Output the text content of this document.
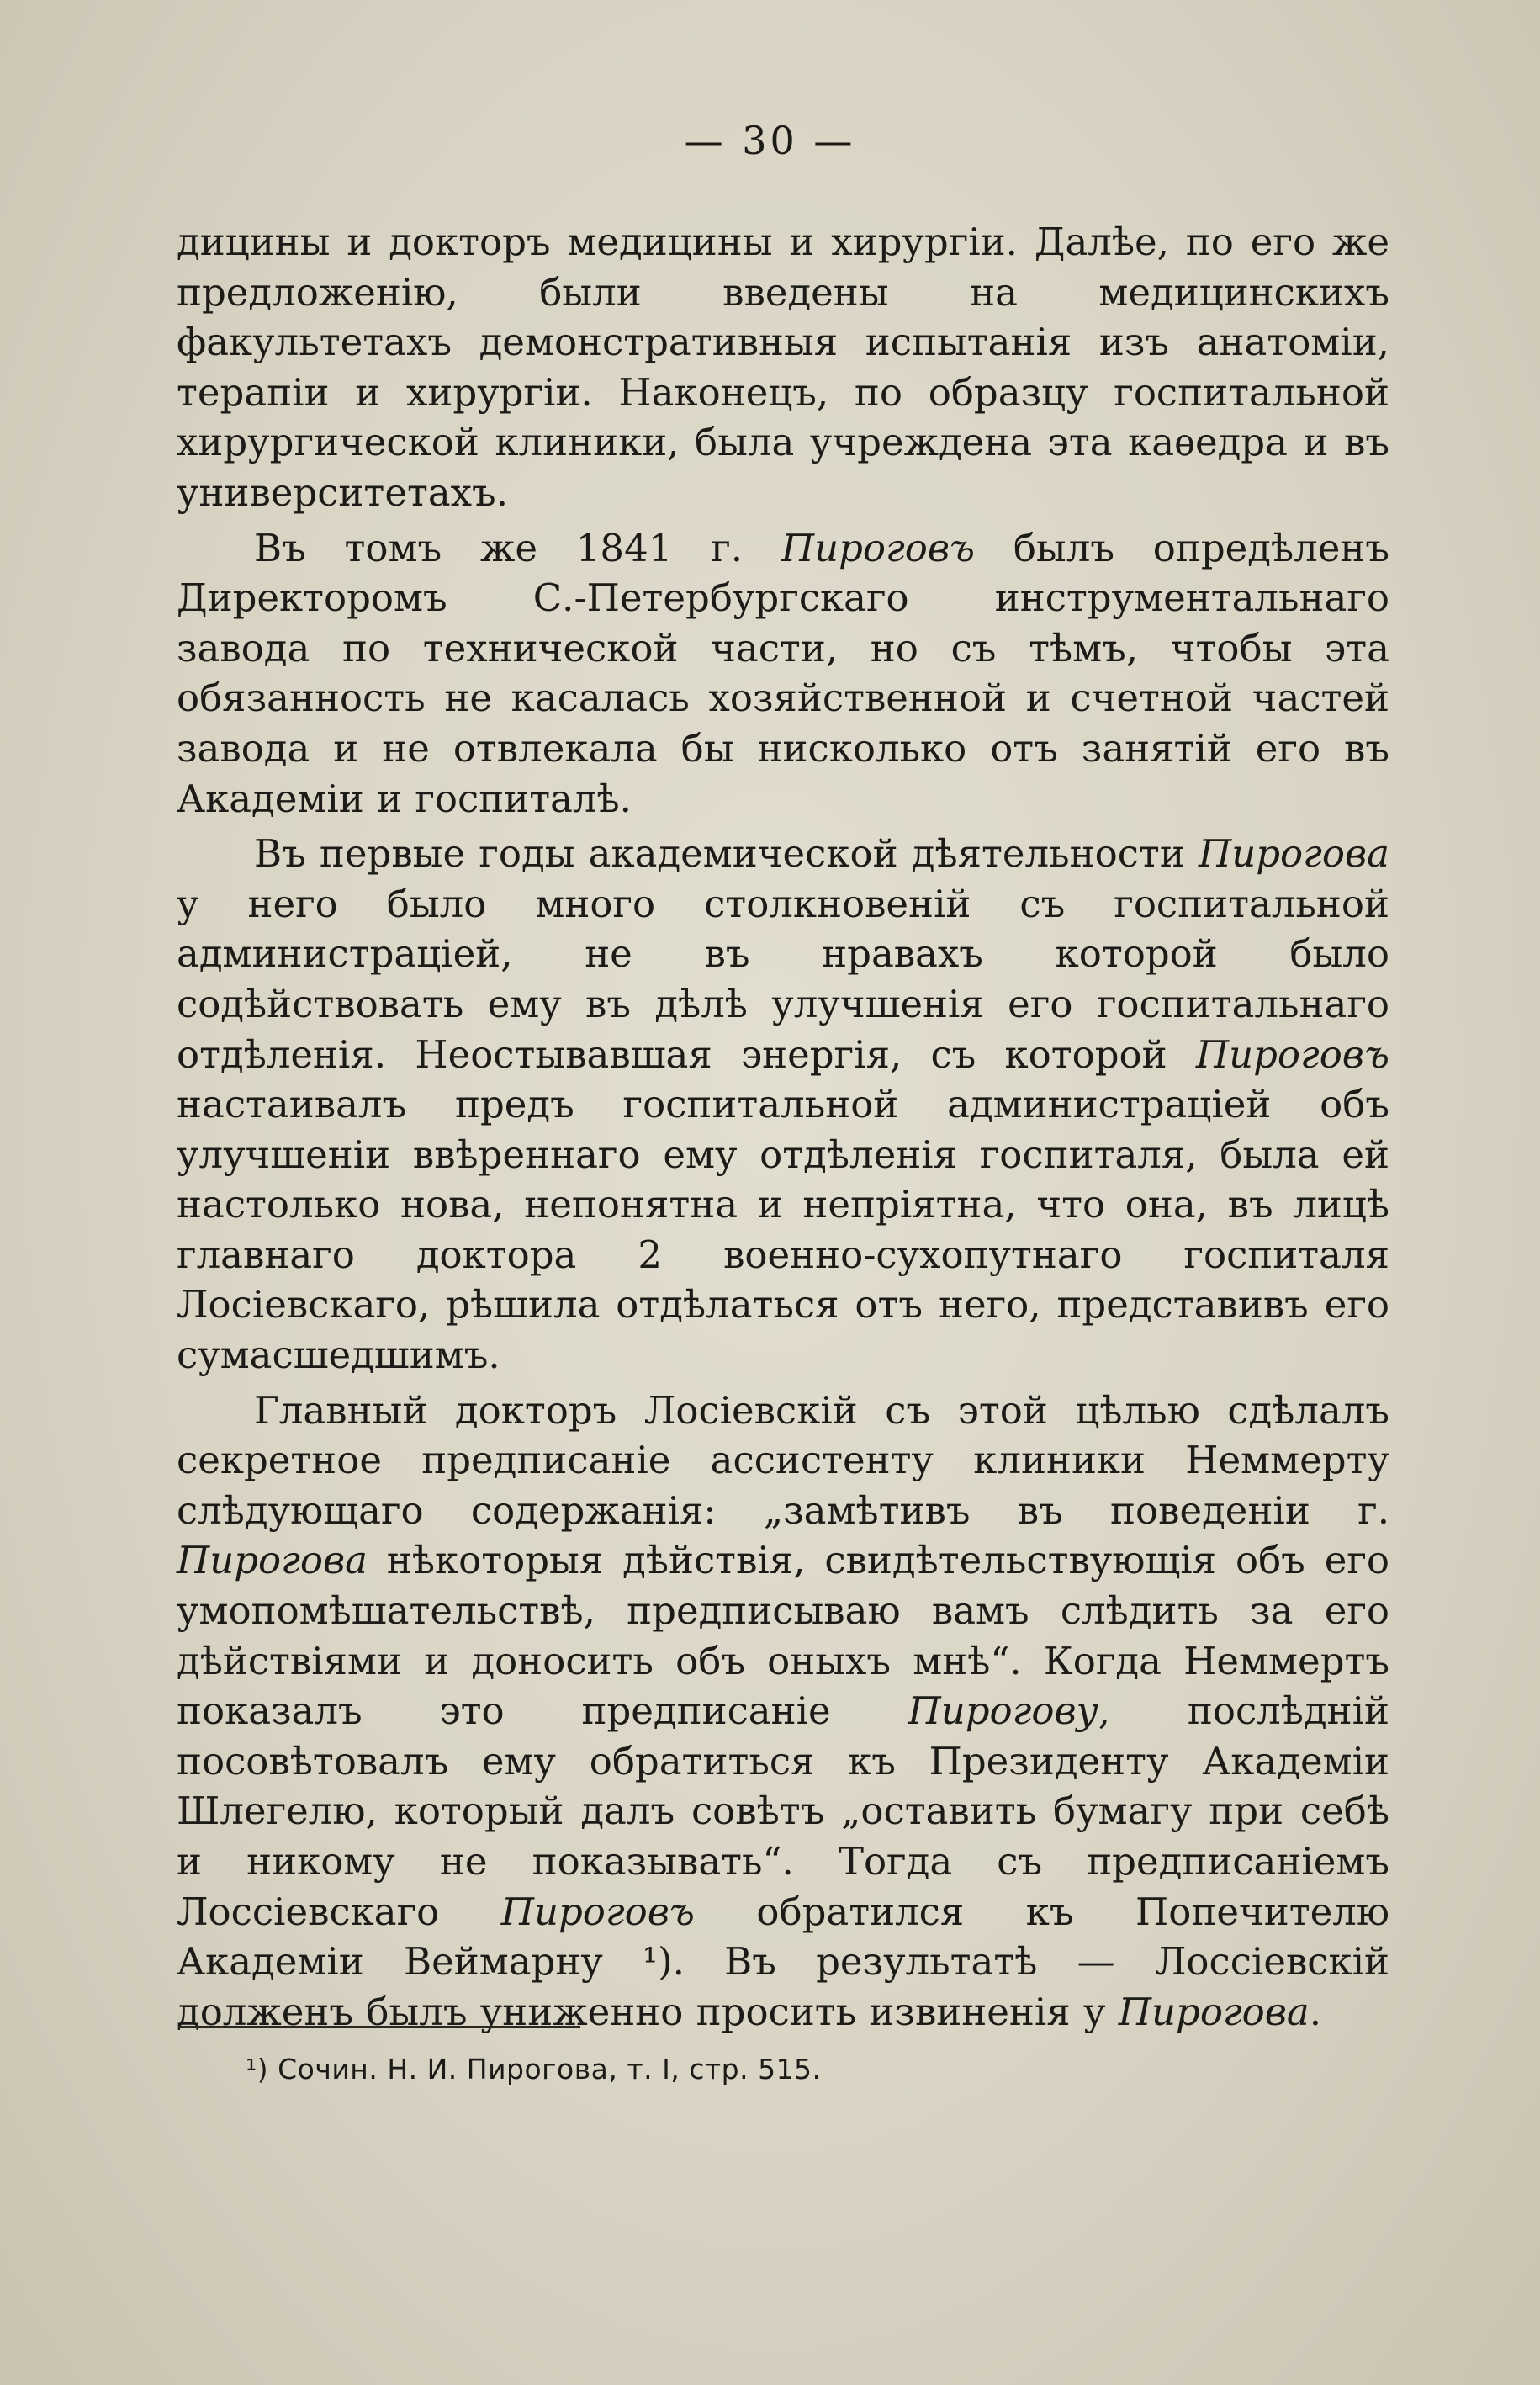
— 30 —

дицины и докторъ медицины и хирургіи. Далѣе, по его же предложенію, были введены на медицинскихъ факультетахъ демонстративныя испытанія изъ анатоміи, терапіи и хирургіи. Наконецъ, по образцу госпитальной хирургической клиники, была учреждена эта каѳедра и въ университетахъ.

Въ томъ же 1841 г. Пироговъ былъ опредѣленъ Директоромъ С.-Петербургскаго инструментальнаго завода по технической части, но съ тѣмъ, чтобы эта обязанность не касалась хозяйственной и счетной частей завода и не отвлекала бы нисколько отъ занятій его въ Академіи и госпиталѣ.

Въ первые годы академической дѣятельности Пирогова у него было много столкновеній съ госпитальной администраціей, не въ нравахъ которой было содѣйствовать ему въ дѣлѣ улучшенія его госпитальнаго отдѣленія. Неостывавшая энергія, съ которой Пироговъ настаивалъ предъ госпитальной администраціей объ улучшеніи ввѣреннаго ему отдѣленія госпиталя, была ей настолько нова, непонятна и непріятна, что она, въ лицѣ главнаго доктора 2 военно-сухопутнаго госпиталя Лосіевскаго, рѣшила отдѣлаться отъ него, представивъ его сумасшедшимъ.

Главный докторъ Лосіевскій съ этой цѣлью сдѣлалъ секретное предписаніе ассистенту клиники Неммерту слѣдующаго содержанія: „замѣтивъ въ поведеніи г. Пирогова нѣкоторыя дѣйствія, свидѣтельствующія объ его умопомѣшательствѣ, предписываю вамъ слѣдить за его дѣйствіями и доносить объ оныхъ мнѣ“. Когда Неммертъ показалъ это предписаніе Пирогову, послѣдній посовѣтовалъ ему обратиться къ Президенту Академіи Шлегелю, который далъ совѣтъ „оставить бумагу при себѣ и никому не показывать“. Тогда съ предписаніемъ Лоссіевскаго Пироговъ обратился къ Попечителю Академіи Веймарну ¹). Въ результатѣ — Лоссіевскій долженъ былъ униженно просить извиненія у Пирогова.

¹) Сочин. Н. И. Пирогова, т. I, стр. 515.
